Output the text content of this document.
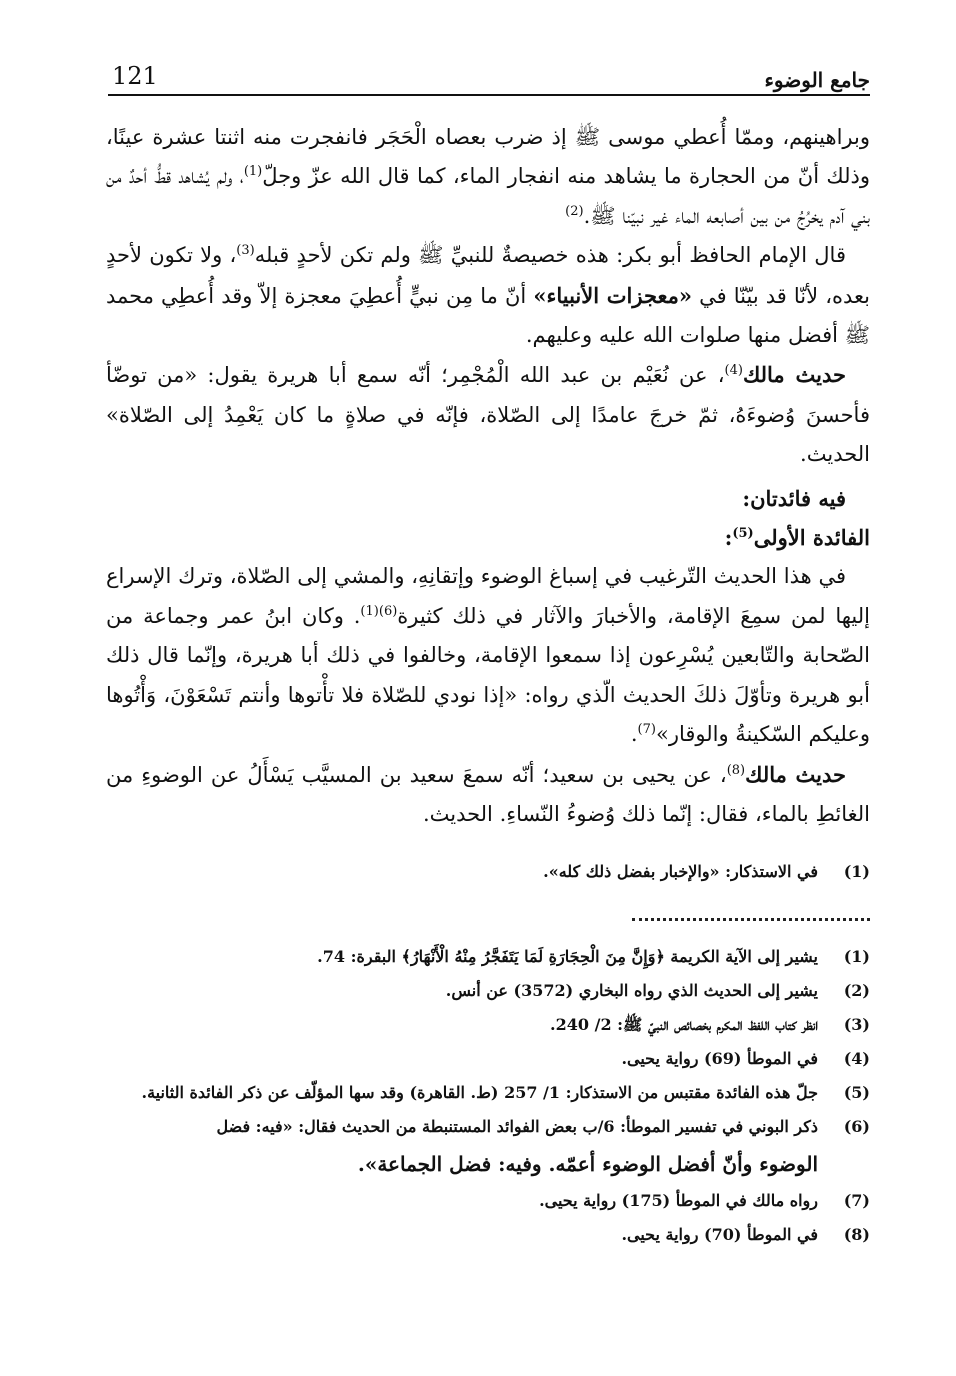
جامع الوضوء
121

وبراهينهم، وممّا أُعطي موسى ﷺ إذ ضرب بعصاه الْحَجَر فانفجرت منه اثنتا عشرة عينًا، وذلك أنّ من الحجارة ما يشاهد منه انفجار الماء، كما قال الله عزّ وجلّ$^{(1)}$، ولم يُشاهد قطُّ أحدٌ من بني آدم يخرُجُ من بين أصابعه الماء غير نبيّنا ﷺ.$^{(2)}$

قال الإمام الحافظ أبو بكر: هذه خصيصةٌ للنبيِّ ﷺ ولم تكن لأحدٍ قبله$^{(3)}$، ولا تكون لأحدٍ بعده، لأنّا قد بيّنّا في «معجزات الأنبياء» أنّ ما مِن نبيٍّ أُعطِيَ معجزة إلاّ وقد أُعطِي محمد ﷺ أفضل منها صلوات الله عليه وعليهم.

حديث مالك$^{(4)}$، عن نُعَيْم بن عبد الله الْمُجْمِر؛ أنّه سمع أبا هريرة يقول: «من توضّأ فأحسنَ وُضوءَهُ، ثمّ خرجَ عامدًا إلى الصّلاة، فإنّه في صلاةٍ ما كان يَعْمِدُ إلى الصّلاة» الحديث.

فيه فائدتان:

الفائدة الأولى$^{(5)}$:

في هذا الحديث التّرغيب في إسباغ الوضوء وإتقانِهِ، والمشي إلى الصّلاة، وترك الإسراع إليها لمن سمِعَ الإقامة، والأخبارَ والآثار في ذلك كثيرة$^{(6)(1)}$. وكان ابنُ عمر وجماعة من الصّحابة والتّابعين يُسْرِعون إذا سمعوا الإقامة، وخالفوا في ذلك أبا هريرة، وإنّما قال ذلك أبو هريرة وتأوّلَ ذلكَ الحديث الّذي رواه: «إذا نودي للصّلاة فلا تأْتوها وأنتم تَسْعَوْنَ، وَأْتُوها وعليكم السّكينةُ والوقار»$^{(7)}$.

حديث مالك$^{(8)}$، عن يحيى بن سعيد؛ أنّه سمعَ سعيد بن المسيَّب يَسْأَلُ عن الوضوءِ من الغائطِ بالماء، فقال: إنّما ذلك وُضوءُ النّساءِ. الحديث.

(1)
في الاستذكار: «والإخبار بفضل ذلك كله».
(1)
يشير إلى الآية الكريمة ﴿وَإِنَّ مِنَ الْحِجَارَةِ لَمَا يَتَفَجَّرُ مِنْهُ الْأَنْهَارُ﴾ البقرة: 74.
(2)
يشير إلى الحديث الذي رواه البخاري (3572) عن أنس.
(3)
انظر كتاب اللفظ المكرم بخصائص النبيّ ﷺ: 2/ 240.
(4)
في الموطأ (69) رواية يحيى.
(5)
جلّ هذه الفائدة مقتبس من الاستذكار: 1/ 257 (ط. القاهرة) وقد سها المؤلّف عن ذكر الفائدة الثانية.
(6)
ذكر البوني في تفسير الموطأ: 6/ب بعض الفوائد المستنبطة من الحديث فقال: «فيه: فضل
الوضوء وأنّ أفضل الوضوء أعمّه. وفيه: فضل الجماعة».
(7)
رواه مالك في الموطأ (175) رواية يحيى.
(8)
في الموطأ (70) رواية يحيى.
